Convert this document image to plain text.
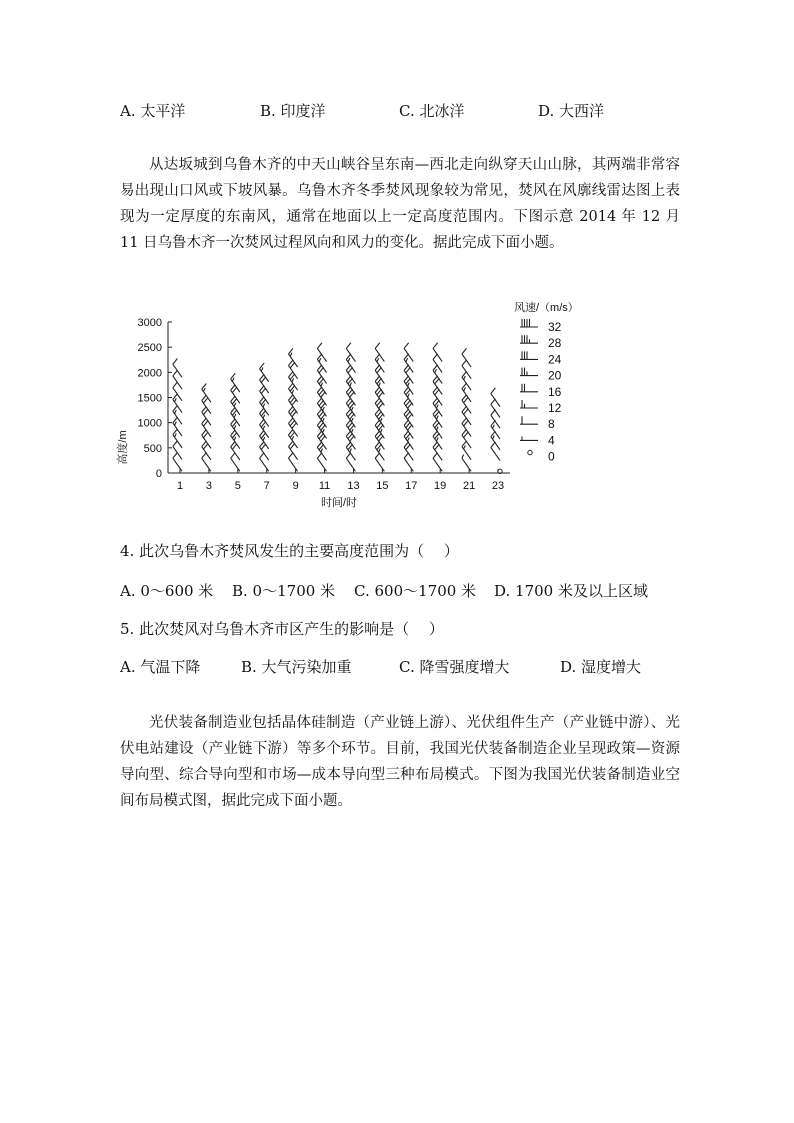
A. 太平洋	B. 印度洋	C. 北冰洋	D. 大西洋
从达坂城到乌鲁木齐的中天山峡谷呈东南—西北走向纵穿天山山脉，其两端非常容易出现山口风或下坡风暴。乌鲁木齐冬季焚风现象较为常见，焚风在风廓线雷达图上表现为一定厚度的东南风，通常在地面以上一定高度范围内。下图示意 2014 年 12 月 11 日乌鲁木齐一次焚风过程风向和风力的变化。据此完成下面小题。
0
500
1000
1500
2000
2500
3000
1 3 5 7 9 11 13 15 17 19 21 23
时间/时
高度/m
风速/（m/s）
32
28
24
20
16
12
8
4
0
4. 此次乌鲁木齐焚风发生的主要高度范围为（　 ）
A. 0～600 米 B. 0～1700 米 C. 600～1700 米 D. 1700 米及以上区域
5. 此次焚风对乌鲁木齐市区产生的影响是（　 ）
A. 气温下降	B. 大气污染加重	C. 降雪强度增大	D. 湿度增大
光伏装备制造业包括晶体硅制造（产业链上游）、光伏组件生产（产业链中游）、光伏电站建设（产业链下游）等多个环节。目前，我国光伏装备制造企业呈现政策—资源导向型、综合导向型和市场—成本导向型三种布局模式。下图为我国光伏装备制造业空间布局模式图，据此完成下面小题。
